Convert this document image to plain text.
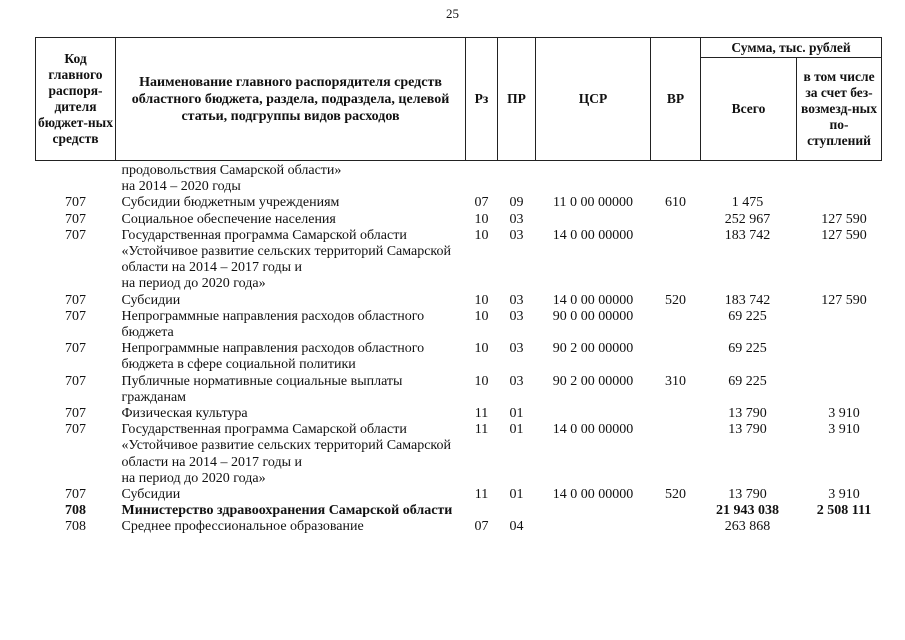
25
Код главного распоря-дителя бюджет-ных средств	Наименование главного распорядителя средств областного бюджета, раздела, подраздела, целевой статьи, подгруппы видов расходов	Рз	ПР	ЦСР	ВР	Сумма, тыс. рублей	
						Всего	в том числе за счет без-возмезд-ных по-ступлений
	продовольствия Самарской области»
на 2014 – 2020 годы						
707	Субсидии бюджетным учреждениям	07	09	11 0 00 00000	610	1 475	
707	Социальное обеспечение населения	10	03			252 967	127 590
707	Государственная программа Самарской области «Устойчивое развитие сельских территорий Самарской области на 2014 – 2017 годы и
на период до 2020 года»	10	03	14 0 00 00000		183 742	127 590
707	Субсидии	10	03	14 0 00 00000	520	183 742	127 590
707	Непрограммные направления расходов областного бюджета	10	03	90 0 00 00000		69 225	
707	Непрограммные направления расходов областного бюджета в сфере социальной политики	10	03	90 2 00 00000		69 225	
707	Публичные нормативные социальные выплаты гражданам	10	03	90 2 00 00000	310	69 225	
707	Физическая культура	11	01			13 790	3 910
707	Государственная программа Самарской области «Устойчивое развитие сельских территорий Самарской области на 2014 – 2017 годы и
на период до 2020 года»	11	01	14 0 00 00000		13 790	3 910
707	Субсидии	11	01	14 0 00 00000	520	13 790	3 910
708	Министерство здравоохранения Самарской области					21 943 038	2 508 111
708	Среднее профессиональное образование	07	04			263 868	
